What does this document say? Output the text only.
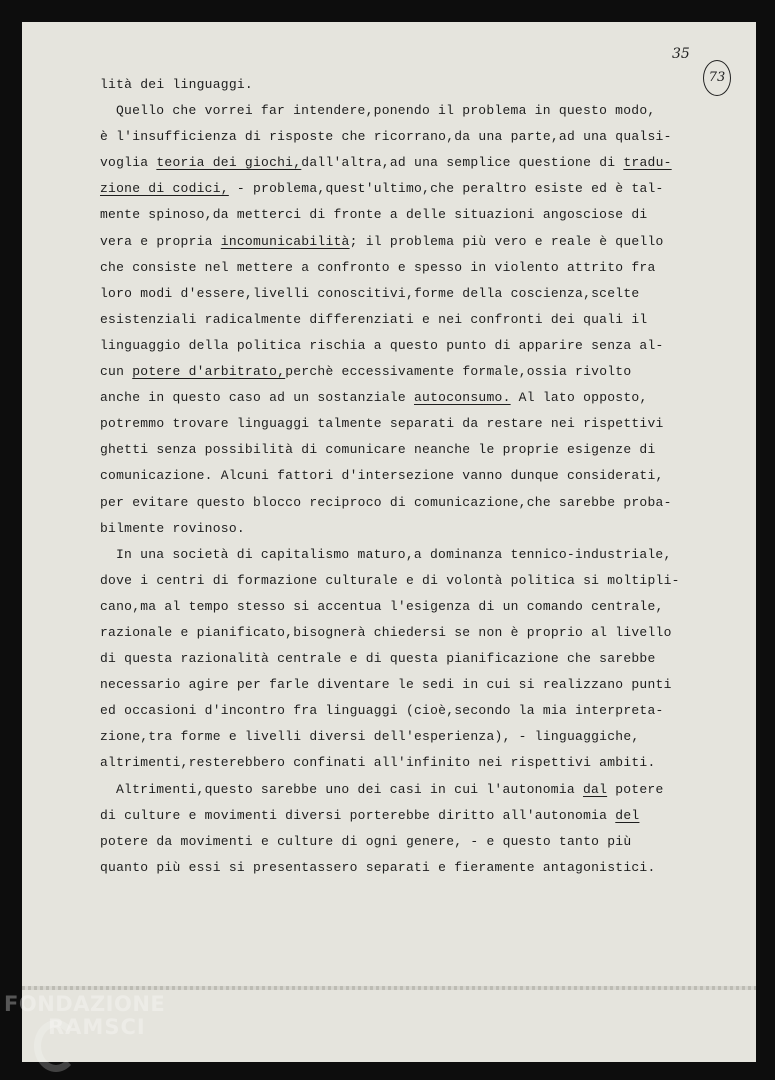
35
73
lità dei linguaggi.
Quello che vorrei far intendere,ponendo il problema in questo modo,
è l'insufficienza di risposte che ricorrano,da una parte,ad una qualsi-
voglia teoria dei giochi,dall'altra,ad una semplice questione di tradu-
zione di codici, - problema,quest'ultimo,che peraltro esiste ed è tal-
mente spinoso,da metterci di fronte a delle situazioni angosciose di
vera e propria incomunicabilità; il problema più vero e reale è quello
che consiste nel mettere a confronto e spesso in violento attrito fra
loro modi d'essere,livelli conoscitivi,forme della coscienza,scelte
esistenziali radicalmente differenziati e nei confronti dei quali il
linguaggio della politica rischia a questo punto di apparire senza al-
cun potere d'arbitrato,perchè eccessivamente formale,ossia rivolto
anche in questo caso ad un sostanziale autoconsumo. Al lato opposto,
potremmo trovare linguaggi talmente separati da restare nei rispettivi
ghetti senza possibilità di comunicare neanche le proprie esigenze di
comunicazione. Alcuni fattori d'intersezione vanno dunque considerati,
per evitare questo blocco reciproco di comunicazione,che sarebbe proba-
bilmente rovinoso.
In una società di capitalismo maturo,a dominanza tennico-industriale,
dove i centri di formazione culturale e di volontà politica si moltipli-
cano,ma al tempo stesso si accentua l'esigenza di un comando centrale,
razionale e pianificato,bisognerà chiedersi se non è proprio al livello
di questa razionalità centrale e di questa pianificazione che sarebbe
necessario agire per farle diventare le sedi in cui si realizzano punti
ed occasioni d'incontro fra linguaggi (cioè,secondo la mia interpreta-
zione,tra forme e livelli diversi dell'esperienza), - linguaggiche,
altrimenti,resterebbero confinati all'infinito nei rispettivi ambiti.
Altrimenti,questo sarebbe uno dei casi in cui l'autonomia dal potere
di culture e movimenti diversi porterebbe diritto all'autonomia del
potere da movimenti e culture di ogni genere, - e questo tanto più
quanto più essi si presentassero separati e fieramente antagonistici.
FONDAZIONE
RAMSCI
